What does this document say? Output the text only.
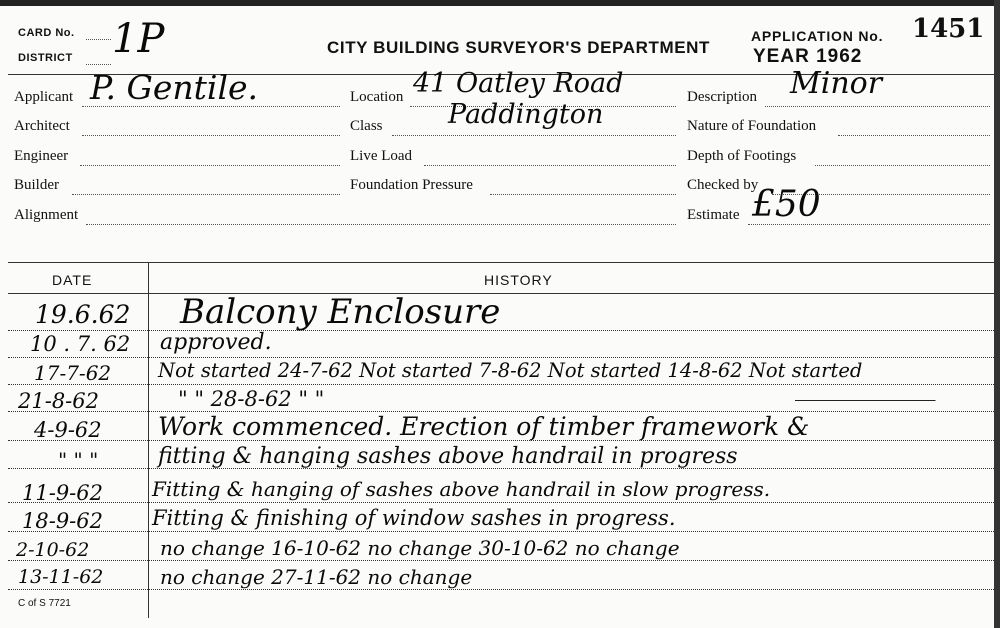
CARD No.
DISTRICT 1P	CITY BUILDING SURVEYOR'S DEPARTMENT
APPLICATION No. 1451
YEAR 1962
Applicant P. Gentile.
Architect
Engineer
Builder
Alignment
Location 41 Oatley Road
Class Paddington
Live Load
Foundation Pressure
Description Minor
Nature of Foundation
Depth of Footings
Checked by
Estimate £50
DATE	HISTORY
19.6.62 Balcony Enclosure
10 . 7. 62 approved.
17-7-62 Not started 24-7-62 Not started 7-8-62 Not started 14-8-62 Not started
21-8-62	" " 28-8-62 " "

4-9-62 Work commenced. Erection of timber framework &
" " "	fitting & hanging sashes above handrail in progress
11-9-62 Fitting & hanging of sashes above handrail in slow progress.
18-9-62 Fitting & finishing of window sashes in progress.
2-10-62	no change 16-10-62 no change 30-10-62 no change
13-11-62	no change 27-11-62 no change
C of S 7721
